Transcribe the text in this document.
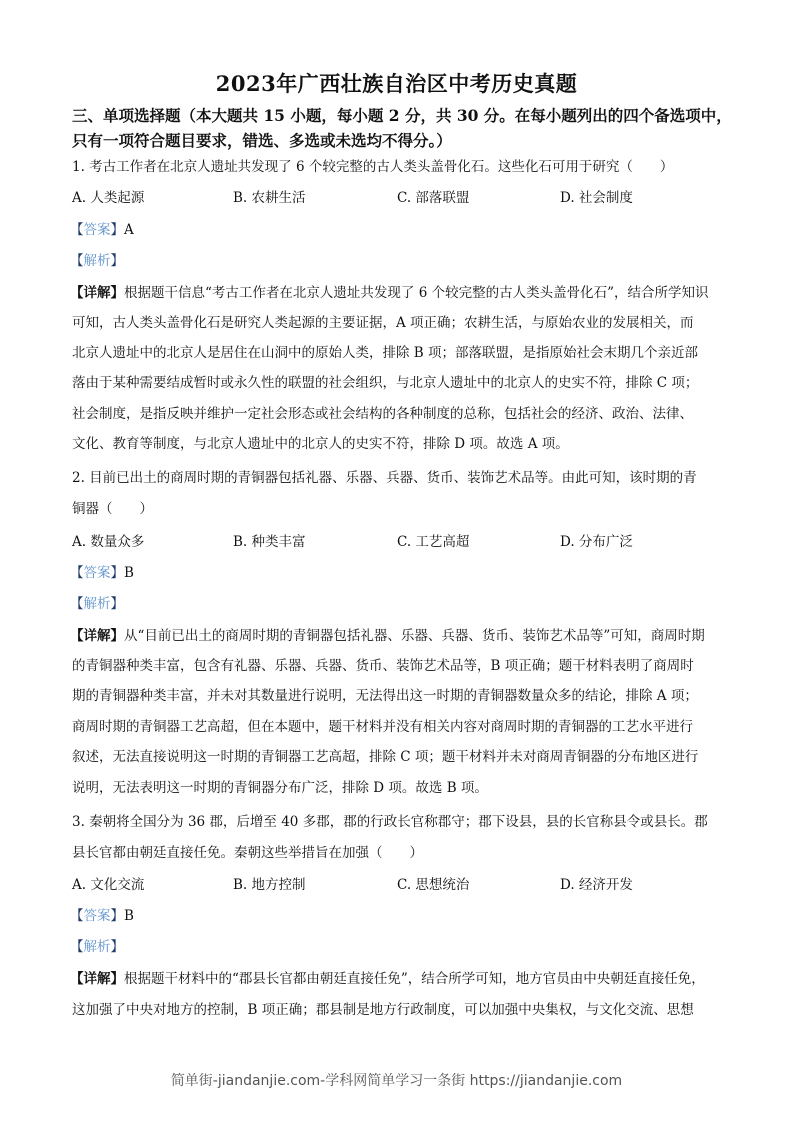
2023年广西壮族自治区中考历史真题
三、单项选择题（本大题共 15 小题，每小题 2 分，共 30 分。在每小题列出的四个备选项中，
只有一项符合题目要求，错选、多选或未选均不得分。）
1. 考古工作者在北京人遗址共发现了 6 个较完整的古人类头盖骨化石。这些化石可用于研究（　　）
A. 人类起源	B. 农耕生活	C. 部落联盟	D. 社会制度
【答案】A
【解析】
【详解】根据题干信息“考古工作者在北京人遗址共发现了 6 个较完整的古人类头盖骨化石”，结合所学知识
可知，古人类头盖骨化石是研究人类起源的主要证据，A 项正确；农耕生活，与原始农业的发展相关，而
北京人遗址中的北京人是居住在山洞中的原始人类，排除 B 项；部落联盟，是指原始社会末期几个亲近部
落由于某种需要结成暂时或永久性的联盟的社会组织，与北京人遗址中的北京人的史实不符，排除 C 项；
社会制度，是指反映并维护一定社会形态或社会结构的各种制度的总称，包括社会的经济、政治、法律、
文化、教育等制度，与北京人遗址中的北京人的史实不符，排除 D 项。故选 A 项。
2. 目前已出土的商周时期的青铜器包括礼器、乐器、兵器、货币、装饰艺术品等。由此可知，该时期的青
铜器（　　）
A. 数量众多	B. 种类丰富	C. 工艺高超	D. 分布广泛
【答案】B
【解析】
【详解】从“目前已出土的商周时期的青铜器包括礼器、乐器、兵器、货币、装饰艺术品等”可知，商周时期
的青铜器种类丰富，包含有礼器、乐器、兵器、货币、装饰艺术品等，B 项正确；题干材料表明了商周时
期的青铜器种类丰富，并未对其数量进行说明，无法得出这一时期的青铜器数量众多的结论，排除 A 项；
商周时期的青铜器工艺高超，但在本题中，题干材料并没有相关内容对商周时期的青铜器的工艺水平进行
叙述，无法直接说明这一时期的青铜器工艺高超，排除 C 项；题干材料并未对商周青铜器的分布地区进行
说明，无法表明这一时期的青铜器分布广泛，排除 D 项。故选 B 项。
3. 秦朝将全国分为 36 郡，后增至 40 多郡，郡的行政长官称郡守；郡下设县，县的长官称县令或县长。郡
县长官都由朝廷直接任免。秦朝这些举措旨在加强（　　）
A. 文化交流	B. 地方控制	C. 思想统治	D. 经济开发
【答案】B
【解析】
【详解】根据题干材料中的“郡县长官都由朝廷直接任免”，结合所学可知，地方官员由中央朝廷直接任免，
这加强了中央对地方的控制，B 项正确；郡县制是地方行政制度，可以加强中央集权，与文化交流、思想
简单街-jiandanjie.com-学科网简单学习一条街 https://jiandanjie.com
